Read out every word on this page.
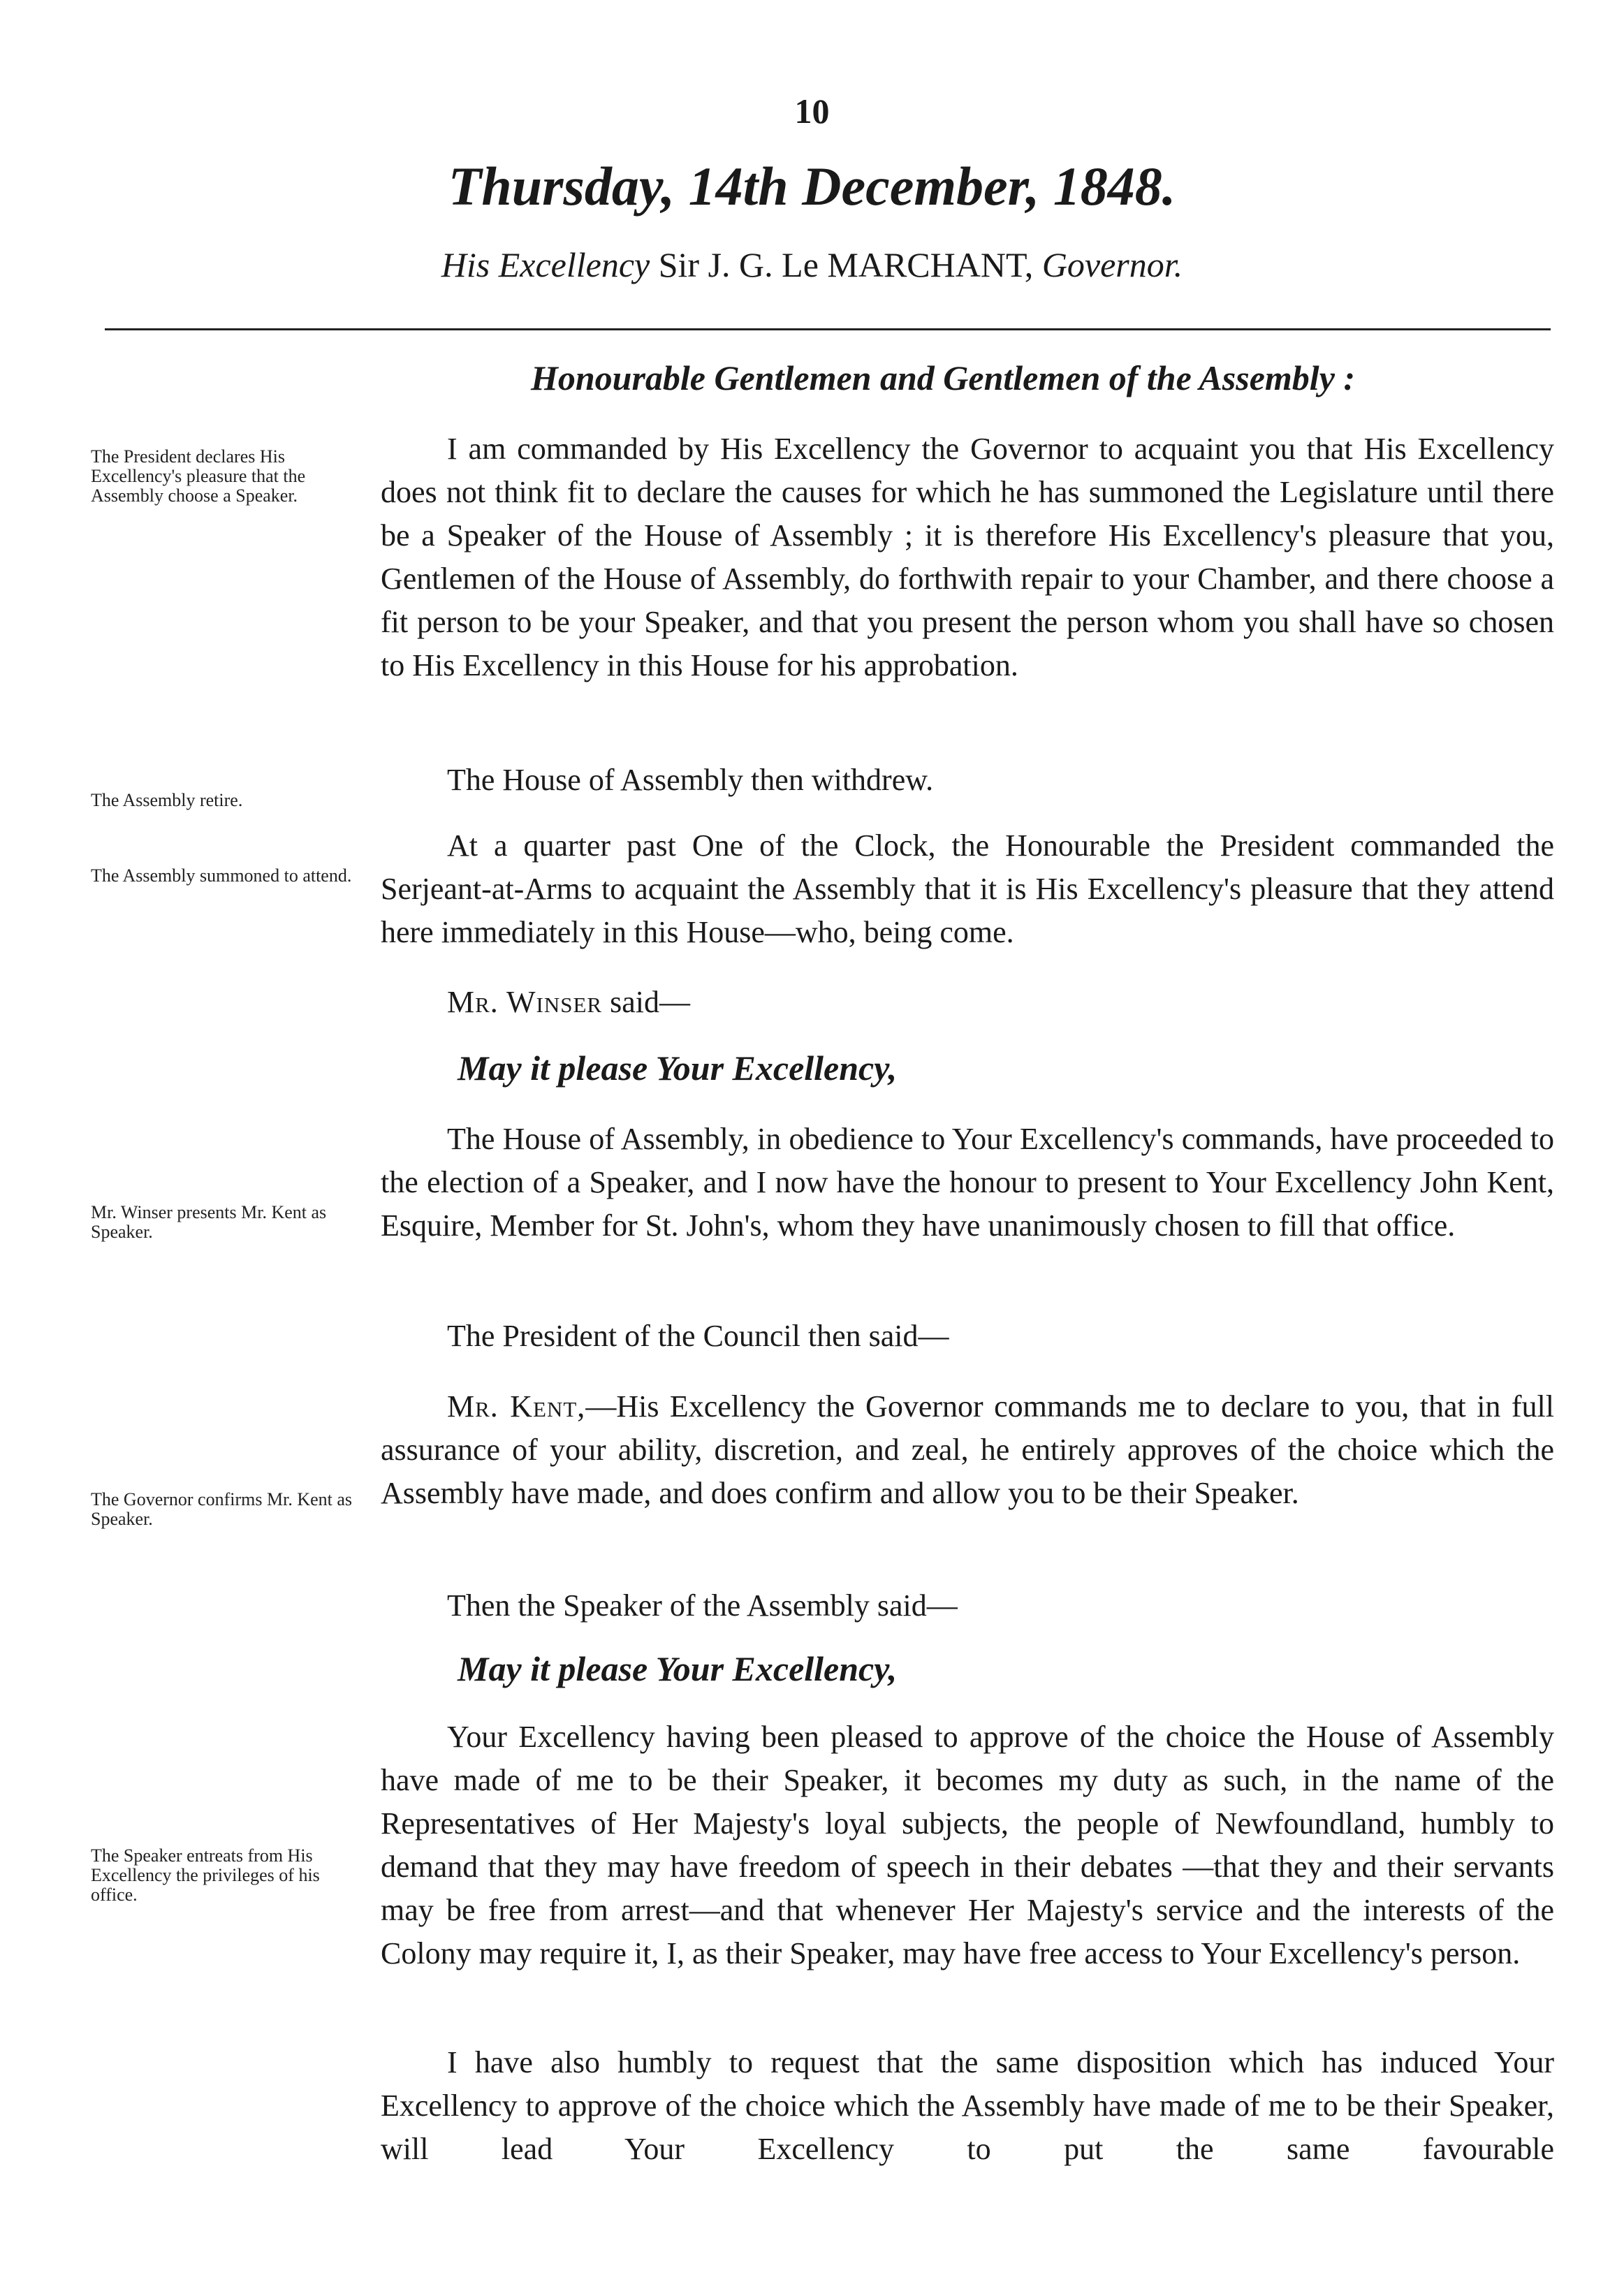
10
Thursday, 14th December, 1848.
His Excellency Sir J. G. Le MARCHANT, Governor.
Honourable Gentlemen and Gentlemen of the Assembly :
The President declares His Excellency's pleasure that the Assembly choose a Speaker.
The Assembly retire.
The Assembly summoned to attend.
Mr. Winser presents Mr. Kent as Speaker.
The Governor confirms Mr. Kent as Speaker.
The Speaker entreats from His Excellency the privileges of his office.
I am commanded by His Excellency the Governor to acquaint you that His Excellency does not think fit to declare the causes for which he has summoned the Legislature until there be a Speaker of the House of Assembly ; it is therefore His Excellency's pleasure that you, Gentlemen of the House of Assembly, do forthwith repair to your Chamber, and there choose a fit person to be your Speaker, and that you present the person whom you shall have so chosen to His Excellency in this House for his approbation.
The House of Assembly then withdrew.
At a quarter past One of the Clock, the Honourable the President commanded the Serjeant-at-Arms to acquaint the Assembly that it is His Excellency's pleasure that they attend here immediately in this House—who, being come.
Mr. Winser said—
May it please Your Excellency,
The House of Assembly, in obedience to Your Excellency's commands, have proceeded to the election of a Speaker, and I now have the honour to present to Your Excellency John Kent, Esquire, Member for St. John's, whom they have unanimously chosen to fill that office.
The President of the Council then said—
Mr. Kent,—His Excellency the Governor commands me to declare to you, that in full assurance of your ability, discretion, and zeal, he entirely approves of the choice which the Assembly have made, and does confirm and allow you to be their Speaker.
Then the Speaker of the Assembly said—
May it please Your Excellency,
Your Excellency having been pleased to approve of the choice the House of Assembly have made of me to be their Speaker, it becomes my duty as such, in the name of the Representatives of Her Majesty's loyal subjects, the people of Newfoundland, humbly to demand that they may have freedom of speech in their debates —that they and their servants may be free from arrest—and that whenever Her Majesty's service and the interests of the Colony may require it, I, as their Speaker, may have free access to Your Excellency's person.
I have also humbly to request that the same disposition which has induced Your Excellency to approve of the choice which the Assembly have made of me to be their Speaker, will lead Your Excellency to put the same favourable
